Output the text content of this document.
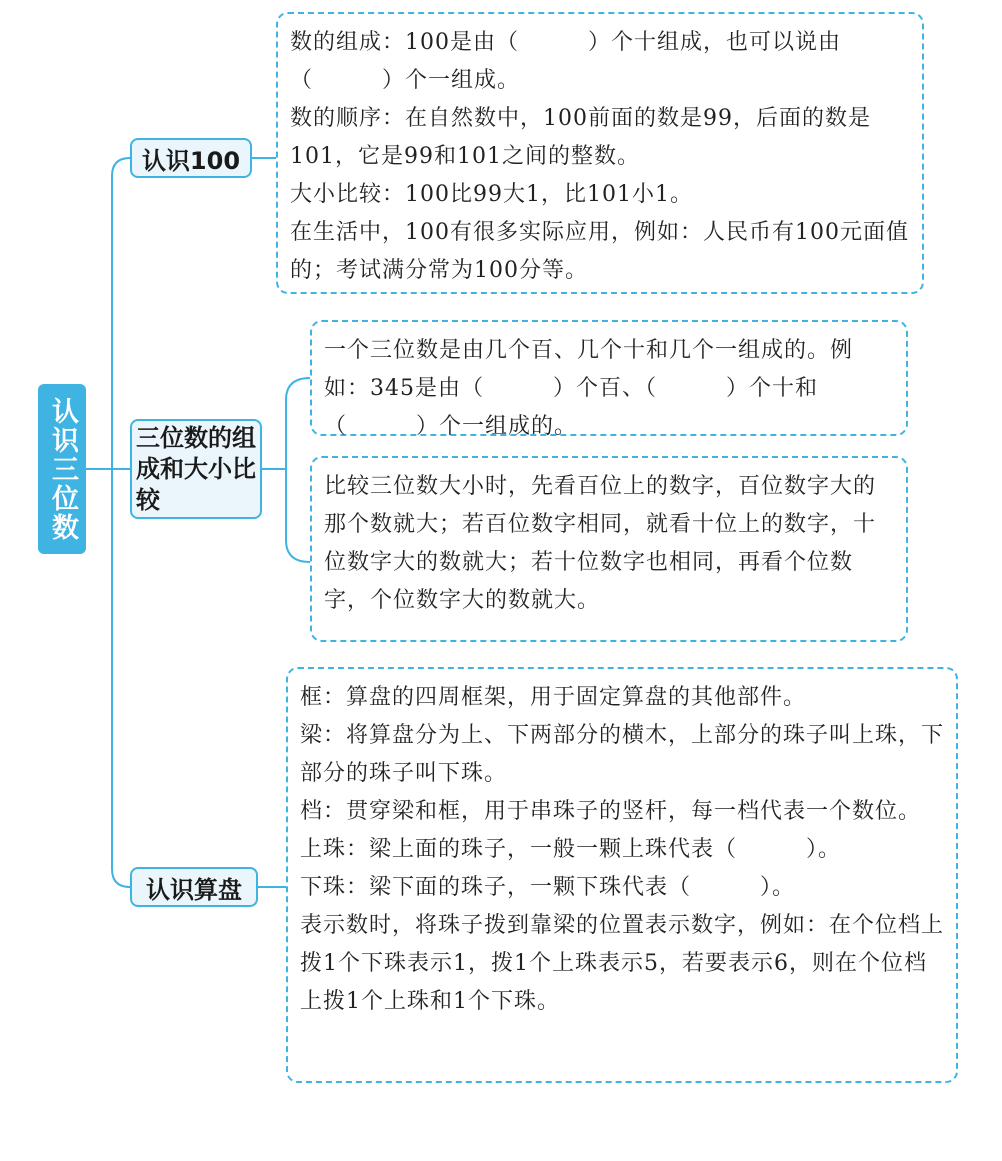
认识三位数
认识100
三位数的组成和大小比较
认识算盘

数的组成：100是由（　　　）个十组成，也可以说由（　　　）个一组成。

数的顺序：在自然数中，100前面的数是99，后面的数是101，它是99和101之间的整数。

大小比较：100比99大1，比101小1。

在生活中，100有很多实际应用，例如：人民币有100元面值的；考试满分常为100分等。

一个三位数是由几个百、几个十和几个一组成的。例如：345是由（　　　）个百、（　　　）个十和（　　　）个一组成的。

比较三位数大小时，先看百位上的数字，百位数字大的那个数就大；若百位数字相同，就看十位上的数字，十位数字大的数就大；若十位数字也相同，再看个位数字，个位数字大的数就大。

框：算盘的四周框架，用于固定算盘的其他部件。

梁：将算盘分为上、下两部分的横木，上部分的珠子叫上珠，下部分的珠子叫下珠。

档：贯穿梁和框，用于串珠子的竖杆，每一档代表一个数位。

上珠：梁上面的珠子，一般一颗上珠代表（　　　）。

下珠：梁下面的珠子，一颗下珠代表（　　　）。

表示数时，将珠子拨到靠梁的位置表示数字，例如：在个位档上拨1个下珠表示1，拨1个上珠表示5，若要表示6，则在个位档上拨1个上珠和1个下珠。
